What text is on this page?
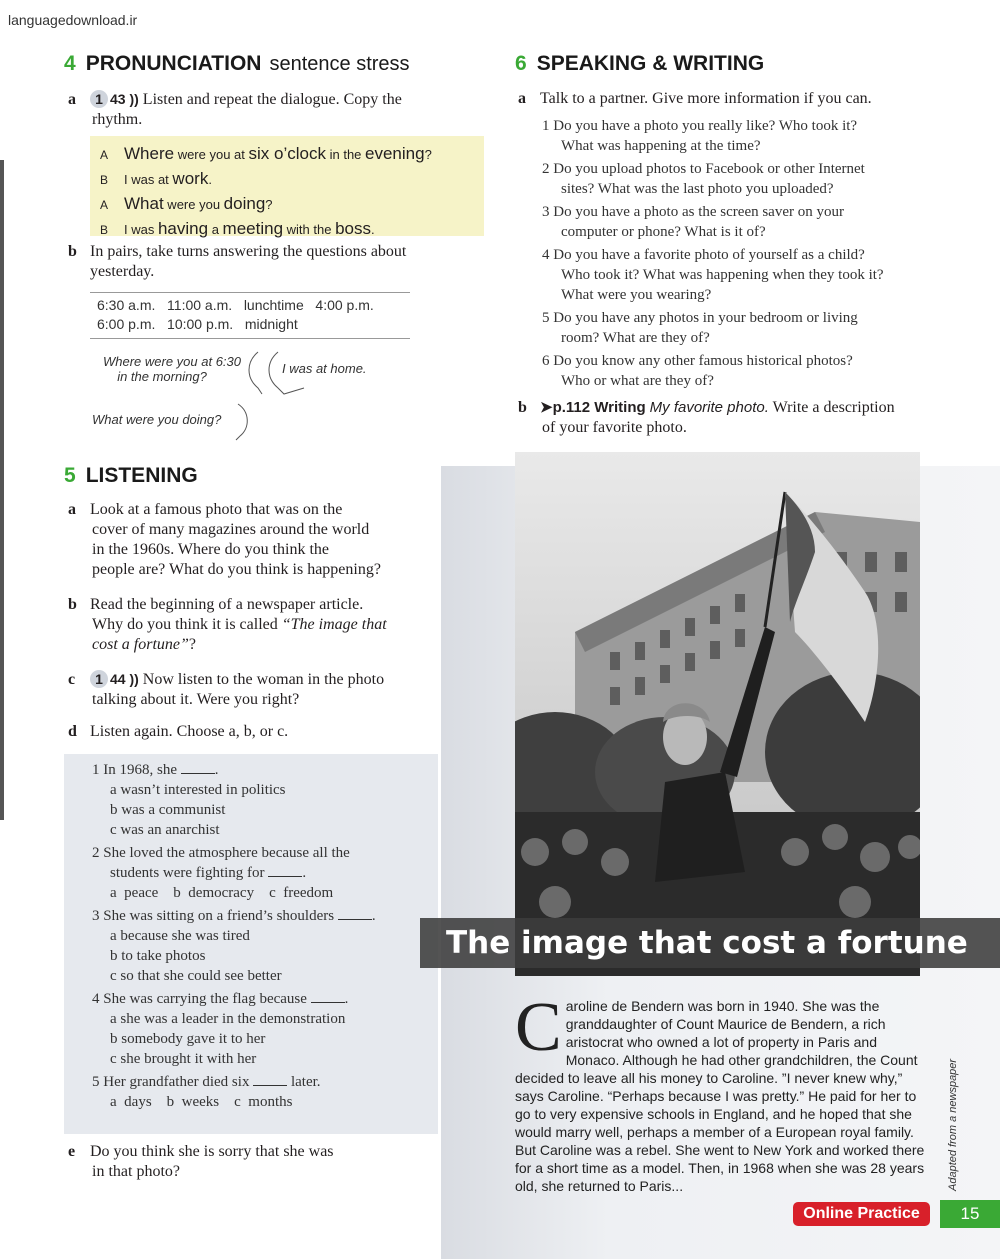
languagedownload.ir
4 PRONUNCIATION sentence stress
a 1 43 )) Listen and repeat the dialogue. Copy the
rhythm.
A Where were you at six o’clock in the evening?
B I was at work.
A What were you doing?
B I was having a meeting with the boss.
b In pairs, take turns answering the questions about
yesterday.
6:30 a.m.   11:00 a.m.   lunchtime   4:00 p.m.
6:00 p.m.   10:00 p.m.   midnight
Where were you at 6:30
in the morning?
I was at home.
What were you doing?
5 LISTENING
a Look at a famous photo that was on the
cover of many magazines around the world
in the 1960s. Where do you think the
people are? What do you think is happening?
b Read the beginning of a newspaper article.
Why do you think it is called “The image that
cost a fortune”?
c 1 44 )) Now listen to the woman in the photo
talking about it. Were you right?
d Listen again. Choose a, b, or c.
1 In 1968, she	.
a wasn’t interested in politics
b was a communist
c was an anarchist
2 She loved the atmosphere because all the
students were fighting for	.
a  peace    b  democracy    c  freedom
3 She was sitting on a friend’s shoulders	.
a because she was tired
b to take photos
c so that she could see better
4 She was carrying the flag because	.
a she was a leader in the demonstration
b somebody gave it to her
c she brought it with her
5 Her grandfather died six	later.
a  days    b  weeks    c  months
e Do you think she is sorry that she was
in that photo?
6 SPEAKING & WRITING
a Talk to a partner. Give more information if you can.
1 Do you have a photo you really like? Who took it?
What was happening at the time?
2 Do you upload photos to Facebook or other Internet
sites? What was the last photo you uploaded?
3 Do you have a photo as the screen saver on your
computer or phone? What is it of?
4 Do you have a favorite photo of yourself as a child?
Who took it? What was happening when they took it?
What were you wearing?
5 Do you have any photos in your bedroom or living
room? What are they of?
6 Do you know any other famous historical photos?
Who or what are they of?
b ➤p.112 Writing My favorite photo. Write a description
of your favorite photo.
The image that cost a fortune
Caroline de Bendern was born in 1940. She was the granddaughter of Count Maurice de Bendern, a rich aristocrat who owned a lot of property in Paris and Monaco. Although he had other grandchildren, the Count decided to leave all his money to Caroline. ”I never knew why,” says Caroline. “Perhaps because I was pretty.” He paid for her to go to very expensive schools in England, and he hoped that she would marry well, perhaps a member of a European royal family. But Caroline was a rebel. She went to New York and worked there for a short time as a model. Then, in 1968 when she was 28 years old, she returned to Paris...	Adapted from a newspaper
Online Practice	15
